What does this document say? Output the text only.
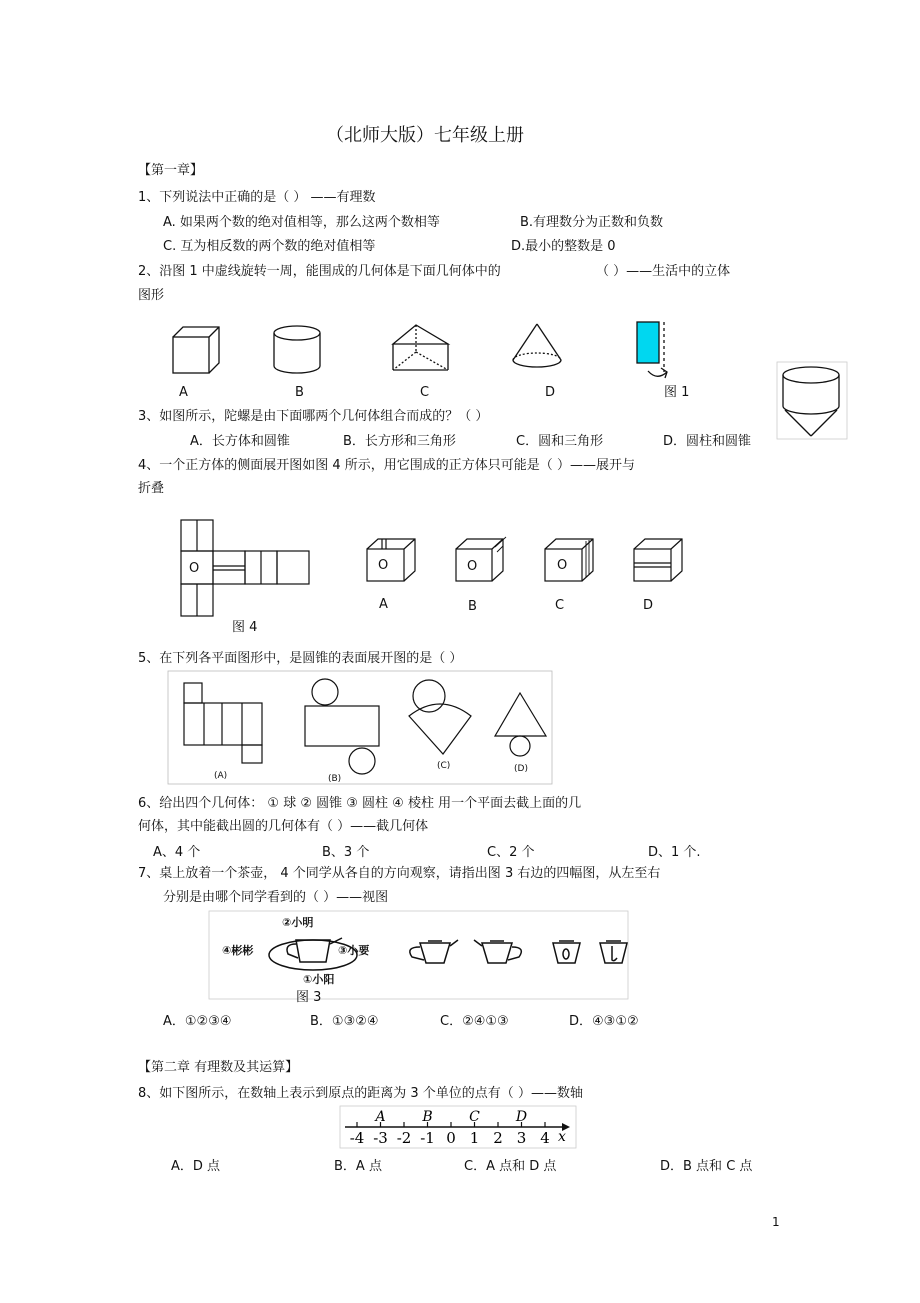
（北师大版）七年级上册
【第一章】
1、下列说法中正确的是（ ） ——有理数
A. 如果两个数的绝对值相等，那么这两个数相等	B.有理数分为正数和负数
C. 互为相反数的两个数的绝对值相等	D.最小的整数是 0
2、沿图 1 中虚线旋转一周，能围成的几何体是下面几何体中的	（ ）——生活中的立体
图形
A	B	C	D	图 1
3、如图所示，陀螺是由下面哪两个几何体组合而成的？（ ）
A．长方体和圆锥	B．长方形和三角形	C．圆和三角形	D．圆柱和圆锥
4、一个正方体的侧面展开图如图 4 所示，用它围成的正方体只可能是（ ）——展开与
折叠
O	O	O	O
A	B	C	D
图 4
5、在下列各平面图形中，是圆锥的表面展开图的是（ ）
(A)	(B)
(C)	(D)
6、给出四个几何体： ① 球 ② 圆锥 ③ 圆柱 ④ 棱柱 用一个平面去截上面的几
何体，其中能截出圆的几何体有（ ）——截几何体
A、4 个	B、3 个	C、2 个	D、1 个.
7、桌上放着一个茶壶， 4 个同学从各自的方向观察，请指出图 3 右边的四幅图，从左至右
分别是由哪个同学看到的（ ）——视图
②小明
④彬彬	③小要
①小阳
图 3
A．①②③④	B．①③②④	C．②④①③	D．④③①②
【第二章 有理数及其运算】
8、如下图所示，在数轴上表示到原点的距离为 3 个单位的点有（ ）——数轴
-4 -3 -2 -1 0 1 2 3 4
A	B	C	D
x
A．D 点	B．A 点	C．A 点和 D 点	D．B 点和 C 点
1
